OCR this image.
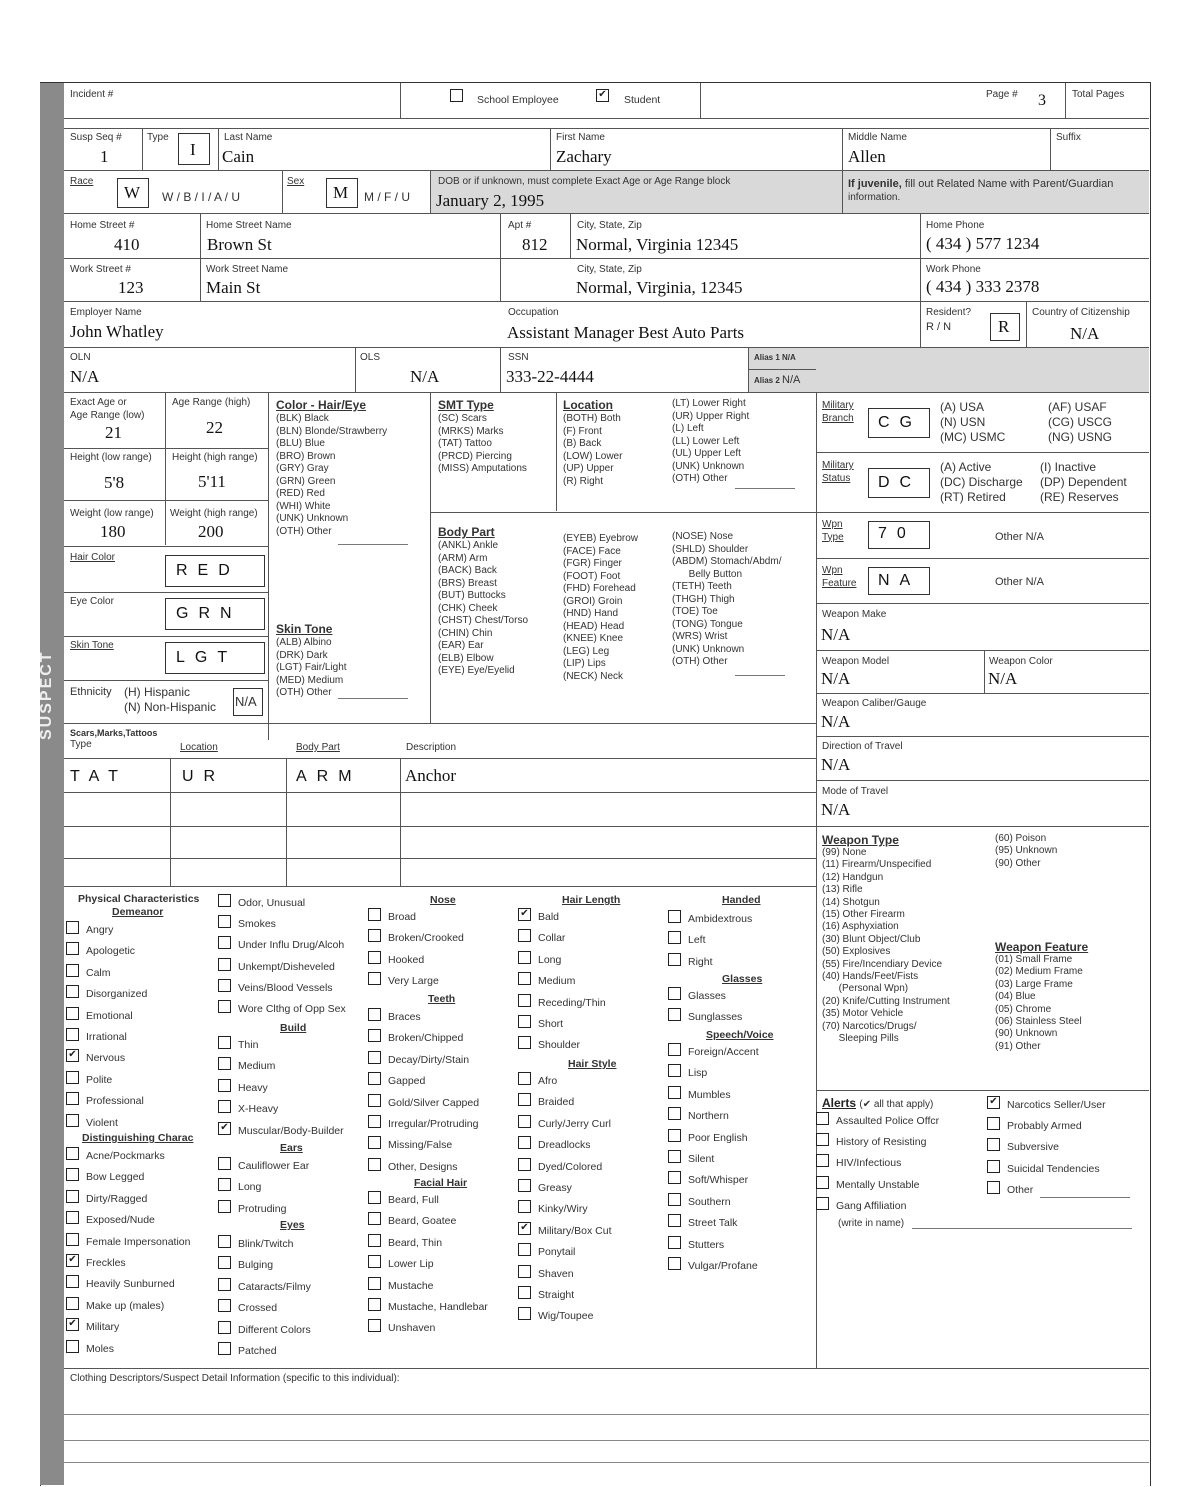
SUSPECT
Incident #	School Employee	✔ Student	Page # 3	Total Pages
Susp Seq #
1
Type
I
Last Name
Cain
First Name
Zachary
Middle Name
Allen
Suffix
Race
W W / B / I / A / U
Sex
M M / F / U
DOB or if unknown, must complete Exact Age or Age Range block
January 2, 1995
If juvenile, fill out Related Name with Parent/Guardian
information.
Home Street #
410
Home Street Name
Brown St
Apt #
812
City, State, Zip
Normal, Virginia 12345
Home Phone
( 434 ) 577 1234
Work Street #
123
Work Street Name
Main St
City, State, Zip
Normal, Virginia, 12345
Work Phone
( 434 ) 333 2378
Employer Name
John Whatley
Occupation
Assistant Manager Best Auto Parts
Resident?
R / N	R
Country of Citizenship
N/A
OLN
N/A
OLS
N/A
SSN
333-22-4444
Alias 1 N/A
Alias 2 N/A
Exact Age or
Age Range (low)
21
Age Range (high)
22
Height (low range)
5'8
Height (high range)
5'11
Weight (low range)
180
Weight (high range)
200
Hair Color
RED
Eye Color
GRN
Skin Tone
LGT
Ethnicity (H) Hispanic
(N) Non-Hispanic N/A
Color - Hair/Eye
(BLK) Black
(BLN) Blonde/Strawberry
(BLU) Blue
(BRO) Brown
(GRY) Gray
(GRN) Green
(RED) Red
(WHI) White
(UNK) Unknown
(OTH) Other
Skin Tone
(ALB) Albino
(DRK) Dark
(LGT) Fair/Light
(MED) Medium
(OTH) Other
SMT Type
(SC) Scars
(MRKS) Marks
(TAT) Tattoo
(PRCD) Piercing
(MISS) Amputations
Location
(BOTH) Both
(F) Front
(B) Back
(LOW) Lower
(UP) Upper
(R) Right
(LT) Lower Right
(UR) Upper Right
(L) Left
(LL) Lower Left
(UL) Upper Left
(UNK) Unknown
(OTH) Other
Body Part
(ANKL) Ankle
(ARM) Arm
(BACK) Back
(BRS) Breast
(BUT) Buttocks
(CHK) Cheek
(CHST) Chest/Torso
(CHIN) Chin
(EAR) Ear
(ELB) Elbow
(EYE) Eye/Eyelid
(EYEB) Eyebrow
(FACE) Face
(FGR) Finger
(FOOT) Foot
(FHD) Forehead
(GROI) Groin
(HND) Hand
(HEAD) Head
(KNEE) Knee
(LEG) Leg
(LIP) Lips
(NECK) Neck
(NOSE) Nose
(SHLD) Shoulder
(ABDM) Stomach/Abdm/
Belly Button
(TETH) Teeth
(THGH) Thigh
(TOE) Toe
(TONG) Tongue
(WRS) Wrist
(UNK) Unknown
(OTH) Other
Military
Branch CG
(A) USA
(N) USN
(MC) USMC
(AF) USAF
(CG) USCG
(NG) USNG
Military
Status DC
(A) Active
(DC) Discharge
(RT) Retired
(I) Inactive
(DP) Dependent
(RE) Reserves
Wpn
Type 70	Other N/A
Wpn
Feature NA	Other N/A
Weapon Make
N/A
Weapon Model
N/A
Weapon Color
N/A
Weapon Caliber/Gauge
N/A
Direction of Travel
N/A
Mode of Travel
N/A
Scars,Marks,Tattoos
Type	Location	Body Part	Description
TAT	UR	ARM	Anchor
Weapon Type
(99) None
(11) Firearm/Unspecified
(12) Handgun
(13) Rifle
(14) Shotgun
(15) Other Firearm
(16) Asphyxiation
(30) Blunt Object/Club
(50) Explosives
(55) Fire/Incendiary Device
(40) Hands/Feet/Fists
(Personal Wpn)
(20) Knife/Cutting Instrument
(35) Motor Vehicle
(70) Narcotics/Drugs/
Sleeping Pills
(60) Poison
(95) Unknown
(90) Other
Weapon Feature
(01) Small Frame
(02) Medium Frame
(03) Large Frame
(04) Blue
(05) Chrome
(06) Stainless Steel
(90) Unknown
(91) Other
Alerts (✔ all that apply)
Assaulted Police Offcr
History of Resisting
HIV/Infectious
Mentally Unstable
Gang Affiliation
✔ Narcotics Seller/User
Probably Armed
Subversive
Suicidal Tendencies
Other
(write in name)
Physical Characteristics
Demeanor
Angry
Apologetic
Calm
Disorganized
Emotional
Irrational
✔ Nervous
Polite
Professional
Violent
Distinguishing Charac
Acne/Pockmarks
Bow Legged
Dirty/Ragged
Exposed/Nude
Female Impersonation
✔ Freckles
Heavily Sunburned
Make up (males)
✔ Military
Moles
Odor, Unusual
Smokes
Under Influ Drug/Alcoh
Unkempt/Disheveled
Veins/Blood Vessels
Wore Clthg of Opp Sex
Build
Thin
Medium
Heavy
X-Heavy
✔ Muscular/Body-Builder
Ears
Cauliflower Ear
Long
Protruding
Eyes
Blink/Twitch
Bulging
Cataracts/Filmy
Crossed
Different Colors
Patched
Nose
Broad
Broken/Crooked
Hooked
Very Large
Teeth
Braces
Broken/Chipped
Decay/Dirty/Stain
Gapped
Gold/Silver Capped
Irregular/Protruding
Missing/False
Other, Designs
Facial Hair
Beard, Full
Beard, Goatee
Beard, Thin
Lower Lip
Mustache
Mustache, Handlebar
Unshaven
Hair Length
✔ Bald
Collar
Long
Medium
Receding/Thin
Short
Shoulder
Hair Style
Afro
Braided
Curly/Jerry Curl
Dreadlocks
Dyed/Colored
Greasy
Kinky/Wiry
✔ Military/Box Cut
Ponytail
Shaven
Straight
Wig/Toupee
Handed
Ambidextrous
Left
Right
Glasses
Glasses
Sunglasses
Speech/Voice
Foreign/Accent
Lisp
Mumbles
Northern
Poor English
Silent
Soft/Whisper
Southern
Street Talk
Stutters
Vulgar/Profane
Clothing Descriptors/Suspect Detail Information (specific to this individual):
